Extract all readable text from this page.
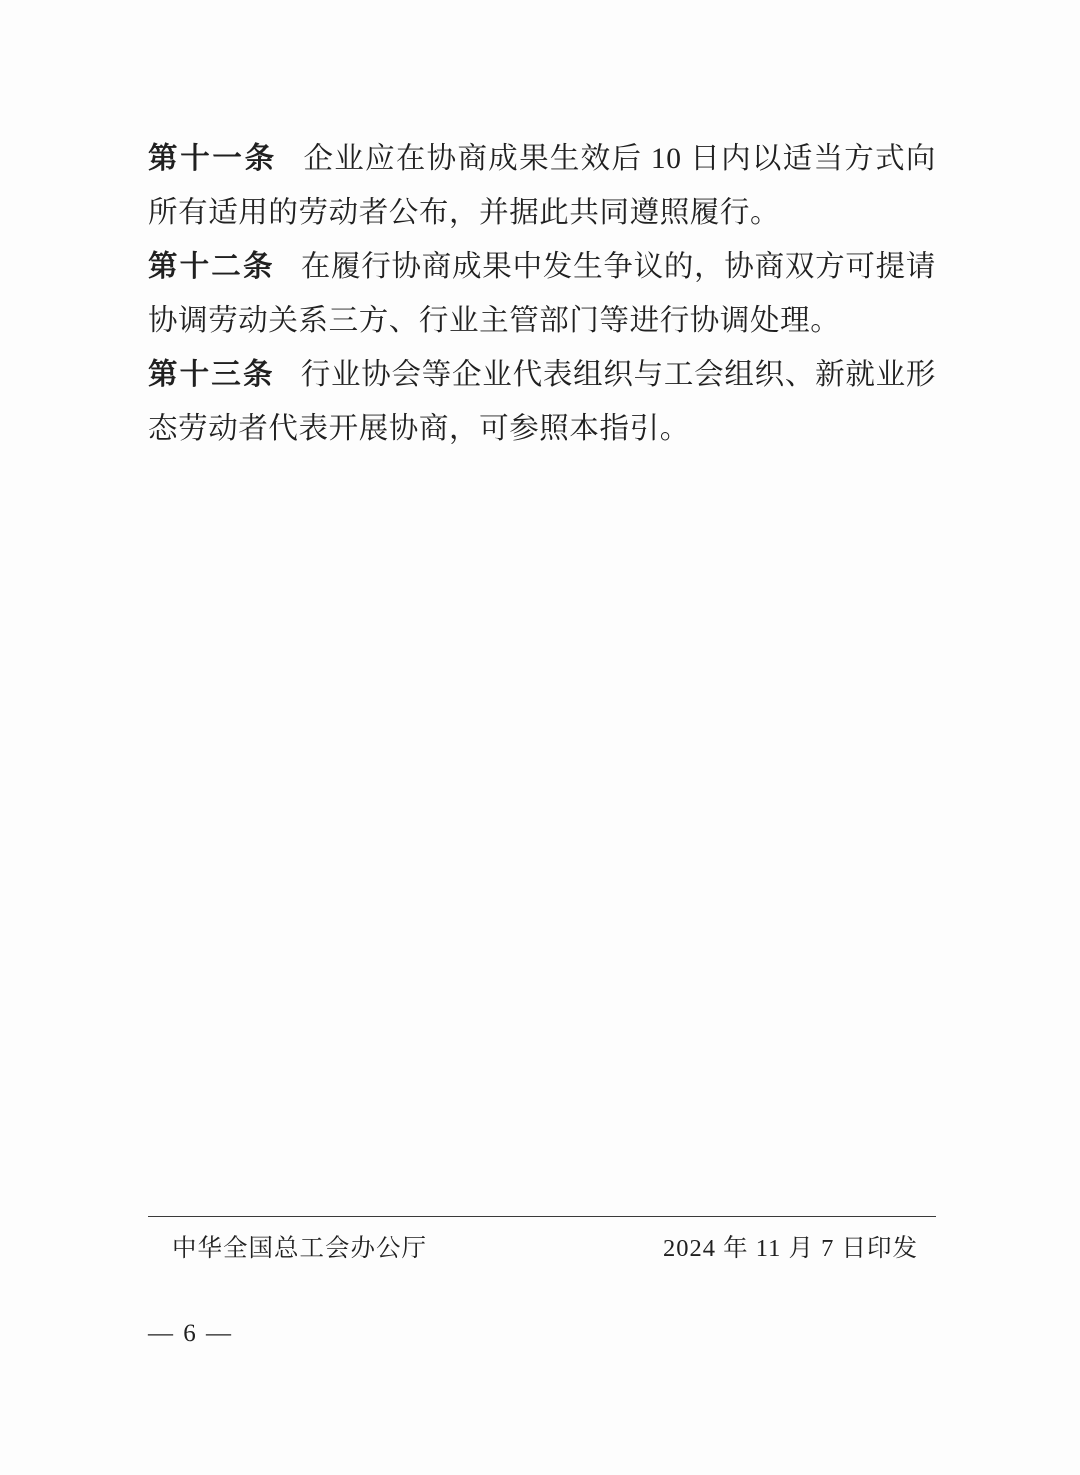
第十一条 企业应在协商成果生效后 10 日内以适当方式向所有适用的劳动者公布，并据此共同遵照履行。

第十二条 在履行协商成果中发生争议的，协商双方可提请协调劳动关系三方、行业主管部门等进行协调处理。

第十三条 行业协会等企业代表组织与工会组织、新就业形态劳动者代表开展协商，可参照本指引。

中华全国总工会办公厅	2024 年 11 月 7 日印发
— 6 —
